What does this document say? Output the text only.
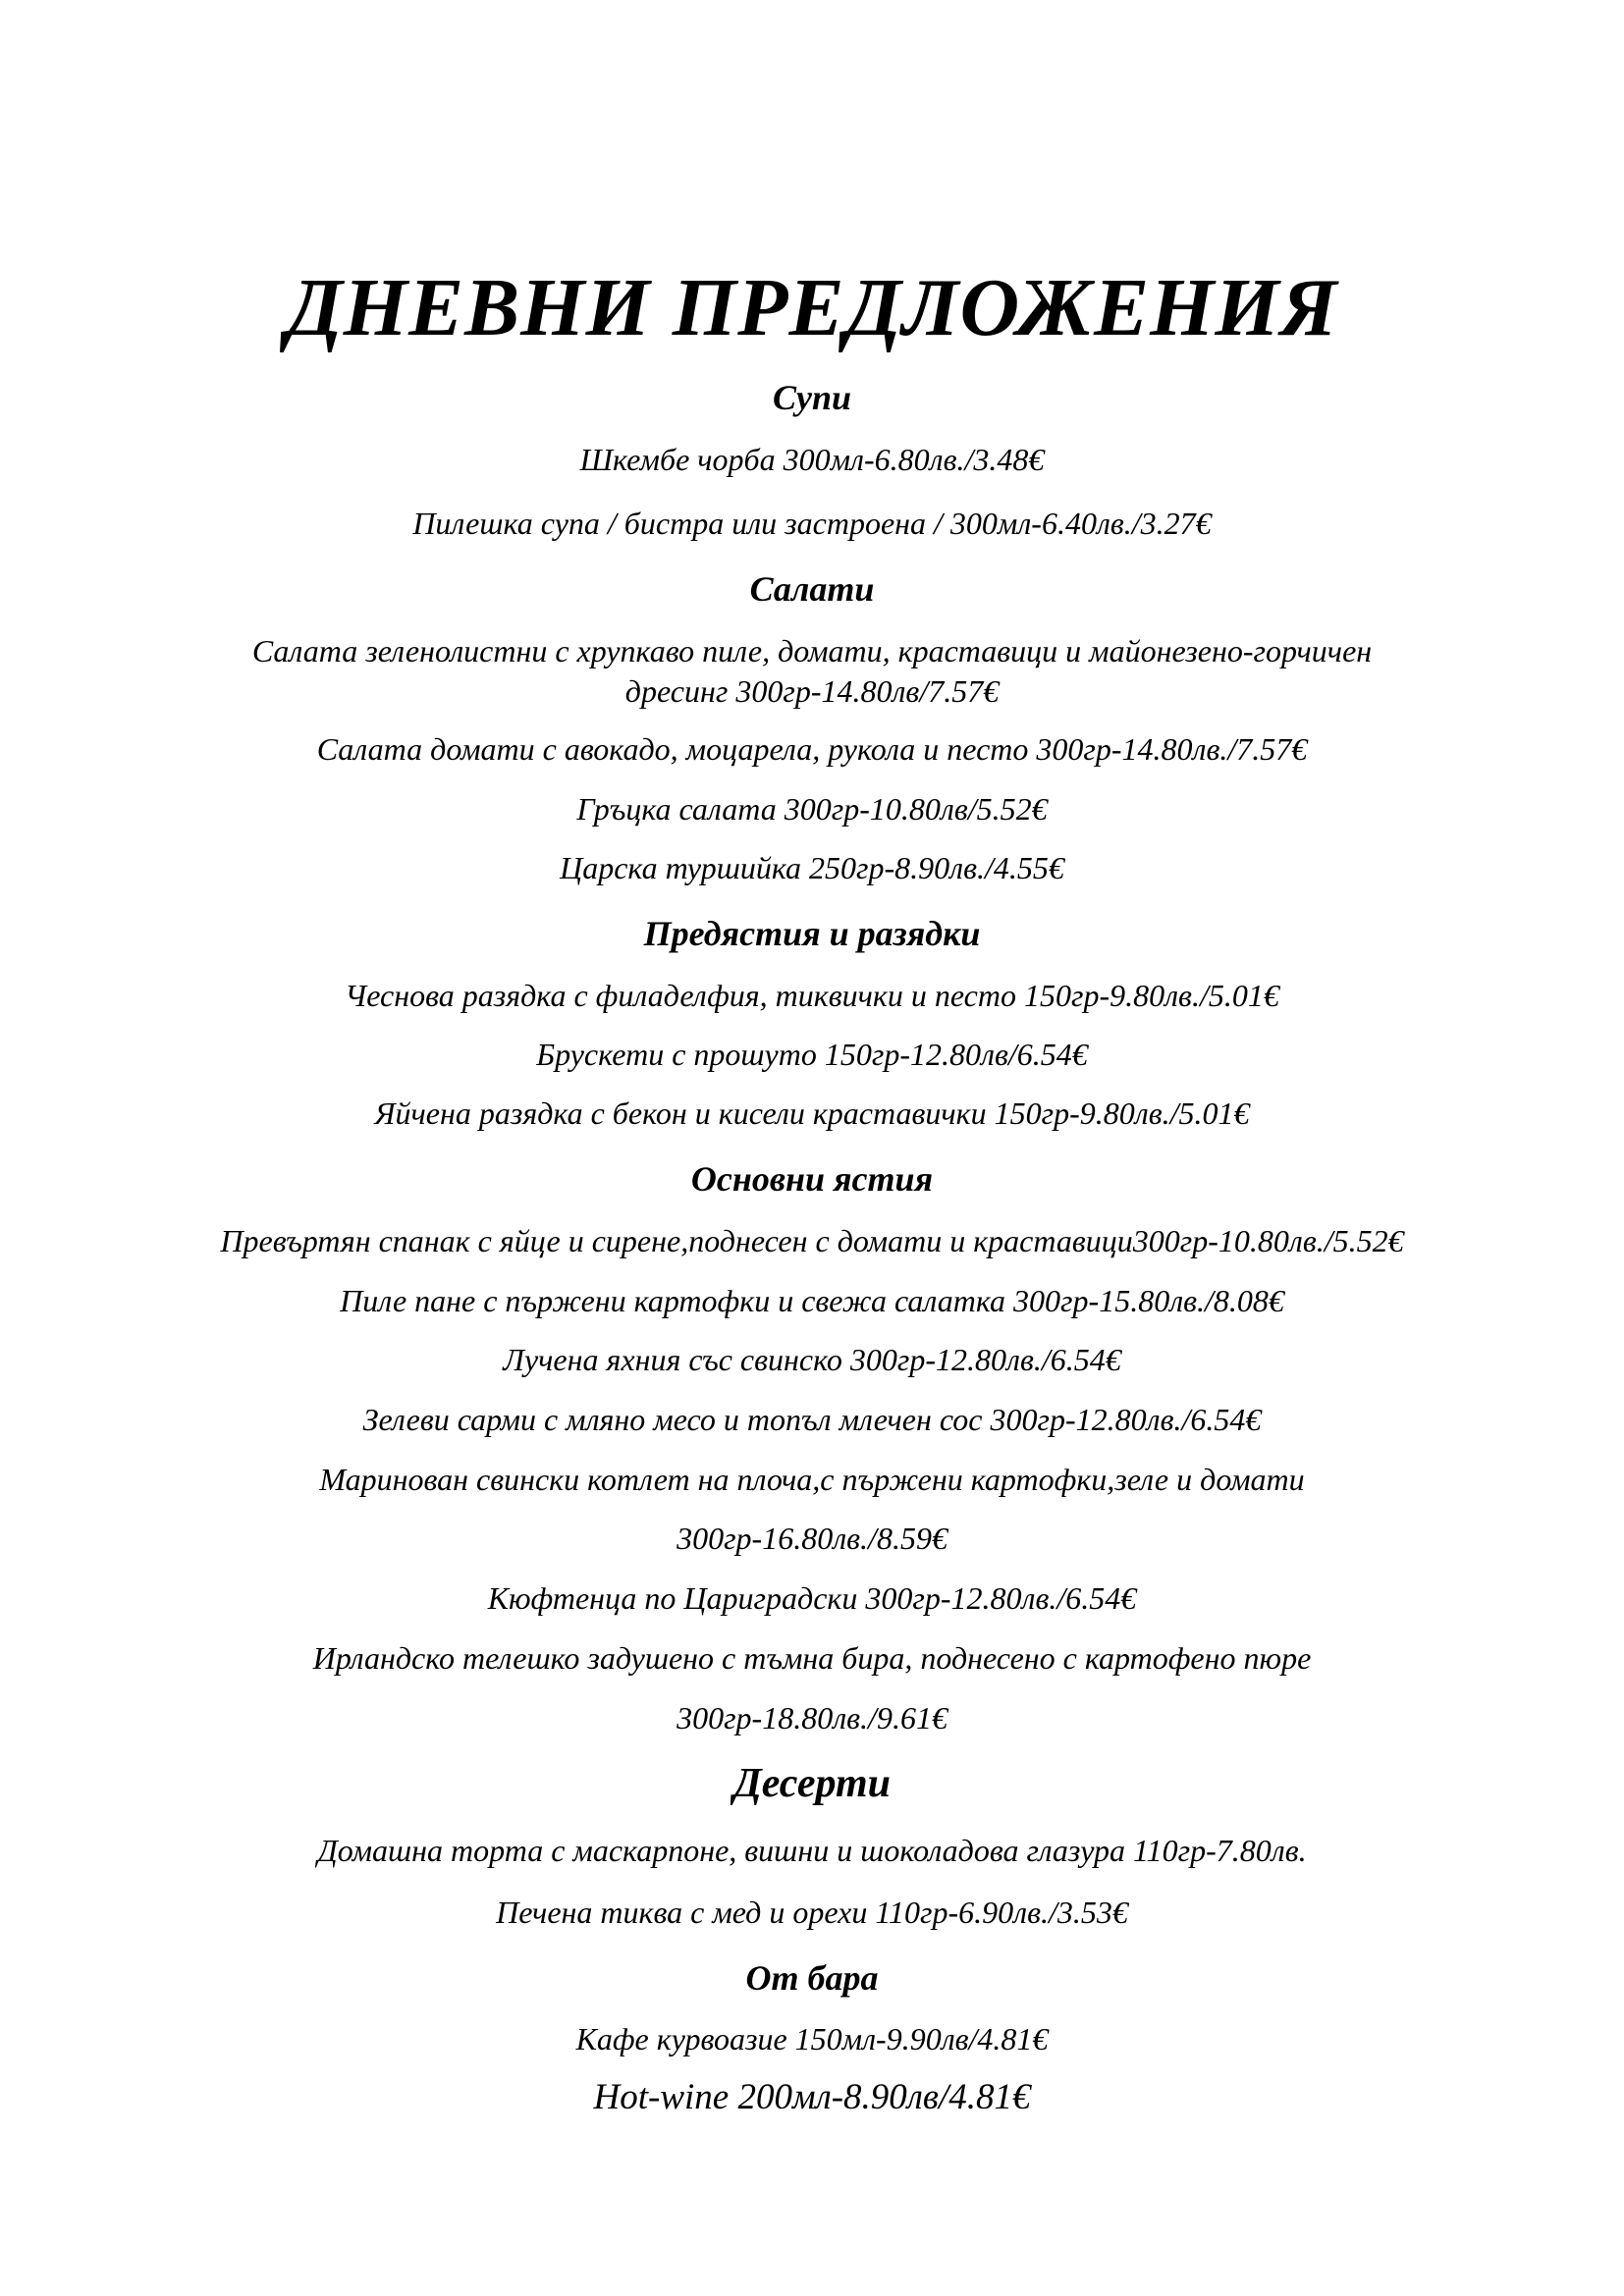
ДНЕВНИ ПРЕДЛОЖЕНИЯ
Супи
Шкембе чорба 300мл-6.80лв./3.48€
Пилешка супа / бистра или застроена / 300мл-6.40лв./3.27€
Салати
Салата зеленолистни с хрупкаво пиле, домати, краставици и майонезено-горчичен
дресинг 300гр-14.80лв/7.57€
Салата домати с авокадо, моцарела, рукола и песто 300гр-14.80лв./7.57€
Гръцка салата 300гр-10.80лв/5.52€
Царска туршийка 250гр-8.90лв./4.55€
Предястия и разядки
Чеснова разядка с филаделфия, тиквички и песто 150гр-9.80лв./5.01€
Брускети с прошуто 150гр-12.80лв/6.54€
Яйчена разядка с бекон и кисели краставички 150гр-9.80лв./5.01€
Основни ястия
Превъртян спанак с яйце и сирене,поднесен с домати и краставици300гр-10.80лв./5.52€
Пиле пане с пържени картофки и свежа салатка 300гр-15.80лв./8.08€
Лучена яхния със свинско 300гр-12.80лв./6.54€
Зелеви сарми с мляно месо и топъл млечен сос 300гр-12.80лв./6.54€
Маринован свински котлет на плоча,с пържени картофки,зеле и домати
300гр-16.80лв./8.59€
Кюфтенца по Цариградски 300гр-12.80лв./6.54€
Ирландско телешко задушено с тъмна бира, поднесено с картофено пюре
300гр-18.80лв./9.61€
Десерти
Домашна торта с маскарпоне, вишни и шоколадова глазура 110гр-7.80лв.
Печена тиква с мед и орехи 110гр-6.90лв./3.53€
От бара
Кафе курвоазие 150мл-9.90лв/4.81€
Hot-wine 200мл-8.90лв/4.81€
